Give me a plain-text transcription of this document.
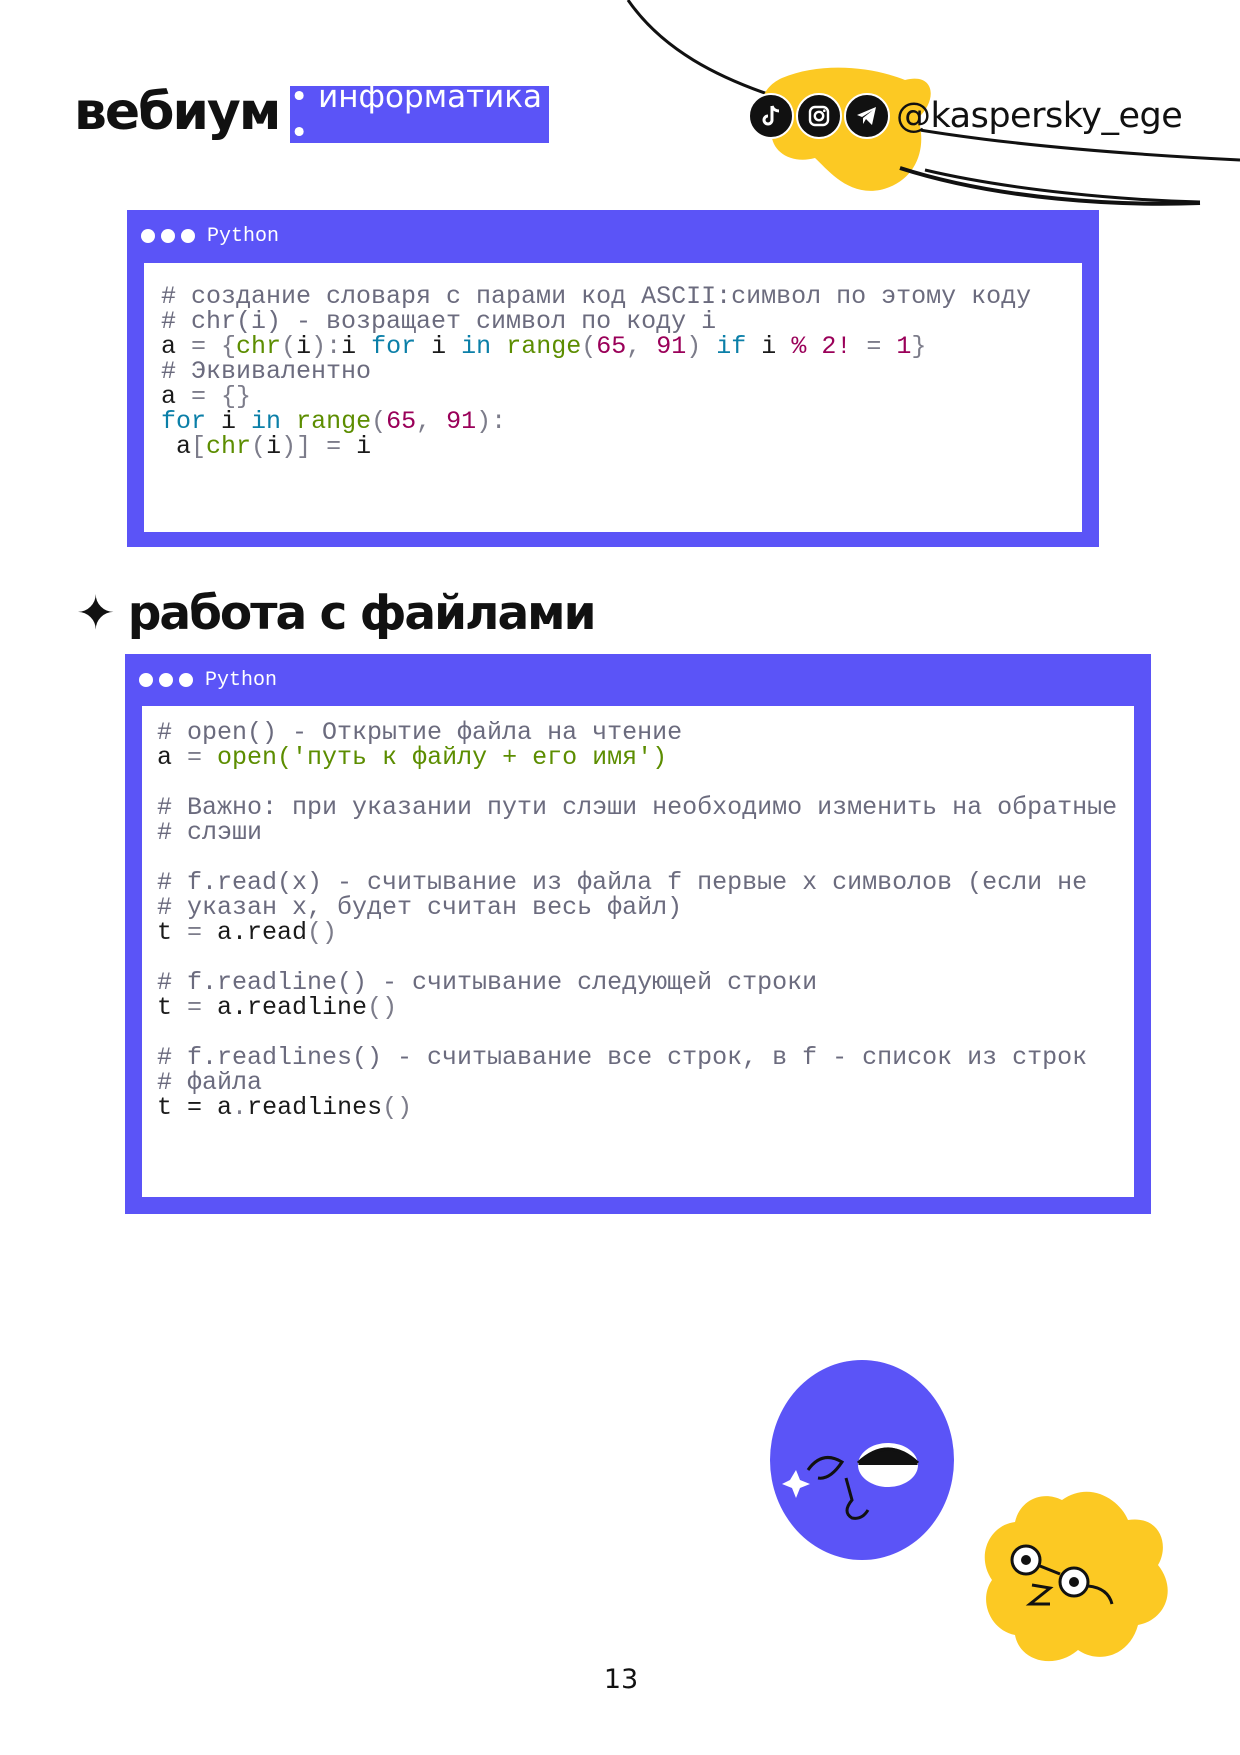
вебиум • информатика •	@kaspersky_ege
Python
# создание словаря с парами код ASCII:символ по этому коду
# chr(i) - возращает символ по коду i
a = {chr(i):i for i in range(65, 91) if i % 2! = 1}
# Эквивалентно
a = {}
for i in range(65, 91):
a[chr(i)] = i
✦ работа с файлами
Python
# open() - Открытие файла на чтение
a = open('путь к файлу + его имя')

# Важно: при указании пути слэши необходимо изменить на обратные
# слэши

# f.read(x) - считывание из файла f первые x символов (если не
# указан x, будет считан весь файл)
t = a.read()

# f.readline() - считывание следующей строки
t = a.readline()

# f.readlines() - считыавание все строк, в f - список из строк
# файла
t = a.readlines()
13
